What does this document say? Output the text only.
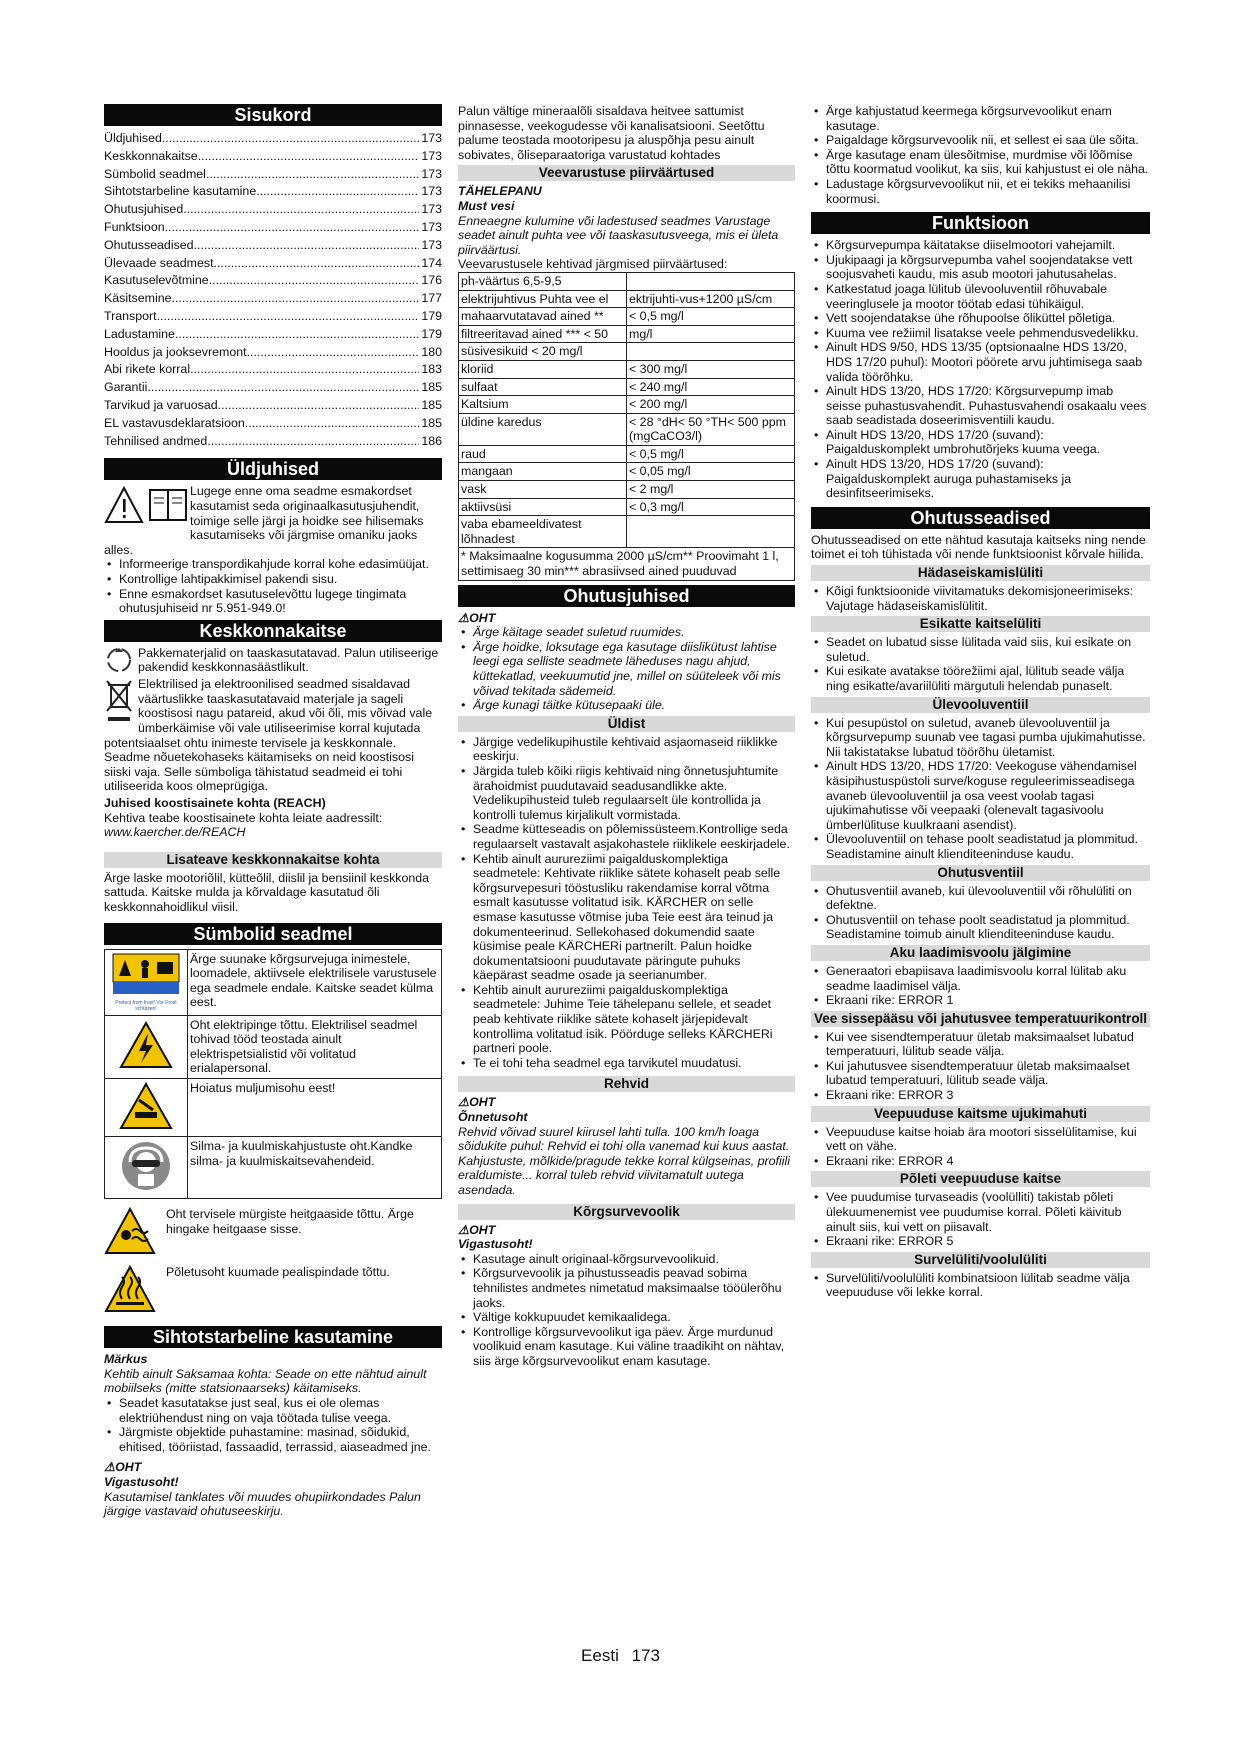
Sisukord
Üldjuhised .....	173
Keskkonnakaitse .....	173
Sümbolid seadmel .....	173
Sihtotstarbeline kasutamine .....	173
Ohutusjuhised .....	173
Funktsioon .....	173
Ohutusseadised .....	173
Ülevaade seadmest .....	174
Kasutuselevõtmine .....	176
Käsitsemine .....	177
Transport .....	179
Ladustamine .....	179
Hooldus ja jooksevremont .....	180
Abi rikete korral .....	183
Garantii .....	185
Tarvikud ja varuosad .....	185
EL vastavusdeklaratsioon .....	185
Tehnilised andmed .....	186
Üldjuhised

Lugege enne oma seadme esmakordset kasutamist seda originaalkasutusjuhendit, toimige selle järgi ja hoidke see hilisemaks kasutamiseks või järgmise omaniku jaoks alles.

• Informeerige transpordikahjude korral kohe edasimüüjat.
• Kontrollige lahtipakkimisel pakendi sisu.
• Enne esmakordset kasutuselevõttu lugege tingimata ohutusjuhiseid nr 5.951-949.0!
Keskkonnakaitse

Pakkematerjalid on taaskasutatavad. Palun utiliseerige pakendid keskkonnasäästlikult.

Elektrilised ja elektroonilised seadmed sisaldavad väärtuslikke taaskasutatavaid materjale ja sageli koostisosi nagu patareid, akud või õli, mis võivad vale ümberkäimise või vale utiliseerimise korral kujutada potentsiaalset ohtu inimeste tervisele ja keskkonnale. Seadme nõuetekohaseks käitamiseks on neid koostisosi siiski vaja. Selle sümboliga tähistatud seadmeid ei tohi utiliseerida koos olmeprügiga.

Juhised koostisainete kohta (REACH)

Kehtiva teabe koostisainete kohta leiate aadressilt:

www.kaercher.de/REACH

Lisateave keskkonnakaitse kohta

Ärge laske mootoriõlil, kütteõlil, diislil ja bensiinil keskkonda sattuda. Kaitske mulda ja kõrvaldage kasutatud õli keskkonnahoidlikul viisil.

Sümbolid seadmel
Protect from frost! Vor Frost schützen!	Ärge suunake kõrgsurvejuga inimestele, loomadele, aktiivsele elektrilisele varustusele ega seadmele endale. Kaitske seadet külma eest.
	Oht elektripinge tõttu. Elektrilisel seadmel tohivad tööd teostada ainult elektrispetsialistid või volitatud erialapersonal.
	Hoiatus muljumisohu eest!
	Silma- ja kuulmiskahjustuste oht.Kandke silma- ja kuulmiskaitsevahendeid.
Oht tervisele mürgiste heitgaaside tõttu. Ärge hingake heitgaase sisse.
Põletusoht kuumade pealispindade tõttu.
Sihtotstarbeline kasutamine

Märkus

Kehtib ainult Saksamaa kohta: Seade on ette nähtud ainult mobiilseks (mitte statsionaarseks) käitamiseks.

• Seadet kasutatakse just seal, kus ei ole olemas elektriühendust ning on vaja töötada tulise veega.
• Järgmiste objektide puhastamine: masinad, sõidukid, ehitised, tööriistad, fassaadid, terrassid, aiaseadmed jne.

⚠OHT

Vigastusoht!

Kasutamisel tanklates või muudes ohupiirkondades Palun järgige vastavaid ohutuseeskirju.

Palun vältige mineraalõli sisaldava heitvee sattumist pinnasesse, veekogudesse või kanalisatsiooni. Seetõttu palume teostada mootoripesu ja aluspõhja pesu ainult sobivates, õliseparaatoriga varustatud kohtades

Veevarustuse piirväärtused

TÄHELEPANU

Must vesi

Enneaegne kulumine või ladestused seadmes Varustage seadet ainult puhta vee või taaskasutusveega, mis ei ületa piirväärtusi.

Veevarustusele kehtivad järgmised piirväärtused:

ph-väärtus 6,5-9,5	
elektrijuhtivus Puhta vee el	ektrijuhti-vus+1200 µS/cm
mahaarvutatavad ained **	< 0,5 mg/l
filtreeritavad ained *** < 50	mg/l
süsivesikuid < 20 mg/l	
kloriid	< 300 mg/l
sulfaat	< 240 mg/l
Kaltsium	< 200 mg/l
üldine karedus	< 28 °dH< 50 °TH< 500 ppm (mgCaCO3/l)
raud	< 0,5 mg/l
mangaan	< 0,05 mg/l
vask	< 2 mg/l
aktiivsüsi	< 0,3 mg/l
vaba ebameeldivatest lõhnadest	
* Maksimaalne kogusumma 2000 µS/cm** Proovimaht 1 l, settimisaeg 30 min*** abrasiivsed ained puuduvad
Ohutusjuhised

⚠OHT

• Ärge käitage seadet suletud ruumides.
• Ärge hoidke, loksutage ega kasutage diislikütust lahtise leegi ega selliste seadmete läheduses nagu ahjud, küttekatlad, veekuumutid jne, millel on süüteleek või mis võivad tekitada sädemeid.
• Ärge kunagi täitke kütusepaaki üle.
Üldist
• Järgige vedelikupihustile kehtivaid asjaomaseid riiklikke eeskirju.
• Järgida tuleb kõiki riigis kehtivaid ning õnnetusjuhtumite ärahoidmist puudutavaid seadusandlikke akte. Vedelikupihusteid tuleb regulaarselt üle kontrollida ja kontrolli tulemus kirjalikult vormistada.
• Seadme kütteseadis on põlemissüsteem.Kontrollige seda regulaarselt vastavalt asjakohastele riiklikele eeskirjadele.
• Kehtib ainult aurureziimi paigalduskomplektiga seadmetele: Kehtivate riiklike sätete kohaselt peab selle kõrgsurvepesuri tööstusliku rakendamise korral võtma esmalt kasutusse volitatud isik. KÄRCHER on selle esmase kasutusse võtmise juba Teie eest ära teinud ja dokumenteerinud. Sellekohased dokumendid saate küsimise peale KÄRCHERi partnerilt. Palun hoidke dokumentatsiooni puudutavate päringute puhuks käepärast seadme osade ja seerianumber.
• Kehtib ainult aurureziimi paigalduskomplektiga seadmetele: Juhime Teie tähelepanu sellele, et seadet peab kehtivate riiklike sätete kohaselt järjepidevalt kontrollima volitatud isik. Pöörduge selleks KÄRCHERi partneri poole.
• Te ei tohi teha seadmel ega tarvikutel muudatusi.
Rehvid

⚠OHT

Õnnetusoht

Rehvid võivad suurel kiirusel lahti tulla. 100 km/h loaga sõidukite puhul: Rehvid ei tohi olla vanemad kui kuus aastat. Kahjustuste, mõlkide/pragude tekke korral külgseinas, profiili eraldumiste... korral tuleb rehvid viivitamatult uutega asendada.

Kõrgsurvevoolik

⚠OHT

Vigastusoht!

• Kasutage ainult originaal-kõrgsurvevoolikuid.
• Kõrgsurvevoolik ja pihustusseadis peavad sobima tehnilistes andmetes nimetatud maksimaalse tööülerõhu jaoks.
• Vältige kokkupuudet kemikaalidega.
• Kontrollige kõrgsurvevoolikut iga päev. Ärge murdunud voolikuid enam kasutage. Kui väline traadikiht on nähtav, siis ärge kõrgsurvevoolikut enam kasutage.
• Ärge kahjustatud keermega kõrgsurvevoolikut enam kasutage.
• Paigaldage kõrgsurvevoolik nii, et sellest ei saa üle sõita.
• Ärge kasutage enam ülesõitmise, murdmise või lõõmise tõttu koormatud voolikut, ka siis, kui kahjustust ei ole näha.
• Ladustage kõrgsurvevoolikut nii, et ei tekiks mehaanilisi koormusi.
Funktsioon
• Kõrgsurvepumpa käitatakse diiselmootori vahejamilt.
• Ujukipaagi ja kõrgsurvepumba vahel soojendatakse vett soojusvaheti kaudu, mis asub mootori jahutusahelas.
• Katkestatud joaga lülitub ülevooluventiil rõhuvabale veeringlusele ja mootor töötab edasi tühikäigul.
• Vett soojendatakse ühe rõhupoolse õliküttel põletiga.
• Kuuma vee režiimil lisatakse veele pehmendusvedelikku.
• Ainult HDS 9/50, HDS 13/35 (optsionaalne HDS 13/20, HDS 17/20 puhul): Mootori pöörete arvu juhtimisega saab valida töörõhku.
• Ainult HDS 13/20, HDS 17/20: Kõrgsurvepump imab seisse puhastusvahendit. Puhastusvahendi osakaalu vees saab seadistada doseerimisventiili kaudu.
• Ainult HDS 13/20, HDS 17/20 (suvand): Paigalduskomplekt umbrohutõrjeks kuuma veega.
• Ainult HDS 13/20, HDS 17/20 (suvand): Paigalduskomplekt auruga puhastamiseks ja desinfitseerimiseks.
Ohutusseadised

Ohutusseadised on ette nähtud kasutaja kaitseks ning nende toimet ei toh tühistada või nende funktsioonist kõrvale hiilida.

Hädaseiskamislüliti
• Kõigi funktsioonide viivitamatuks dekomisjoneerimiseks: Vajutage hädaseiskamislülitit.
Esikatte kaitselüliti
• Seadet on lubatud sisse lülitada vaid siis, kui esikate on suletud.
• Kui esikate avatakse töörežiimi ajal, lülitub seade välja ning esikatte/avariilüliti märgutuli helendab punaselt.
Ülevooluventiil
• Kui pesupüstol on suletud, avaneb ülevooluventiil ja kõrgsurvepump suunab vee tagasi pumba ujukimahutisse. Nii takistatakse lubatud töörõhu ületamist.
• Ainult HDS 13/20, HDS 17/20: Veekoguse vähendamisel käsipihustuspüstoli surve/koguse reguleerimisseadisega avaneb ülevooluventiil ja osa veest voolab tagasi ujukimahutisse või veepaaki (olenevalt tagasivoolu ümberlülituse kuulkraani asendist).
• Ülevooluventiil on tehase poolt seadistatud ja plommitud. Seadistamine ainult klienditeeninduse kaudu.
Ohutusventiil
• Ohutusventiil avaneb, kui ülevooluventiil või rõhulüliti on defektne.
• Ohutusventiil on tehase poolt seadistatud ja plommitud. Seadistamine toimub ainult klienditeeninduse kaudu.
Aku laadimisvoolu jälgimine
• Generaatori ebapiisava laadimisvoolu korral lülitab aku seadme laadimisel välja.
• Ekraani rike: ERROR 1
Vee sissepääsu või jahutusvee temperatuurikontroll
• Kui vee sisendtemperatuur ületab maksimaalset lubatud temperatuuri, lülitub seade välja.
• Kui jahutusvee sisendtemperatuur ületab maksimaalset lubatud temperatuuri, lülitub seade välja.
• Ekraani rike: ERROR 3
Veepuuduse kaitsme ujukimahuti
• Veepuuduse kaitse hoiab ära mootori sisselülitamise, kui vett on vähe.
• Ekraani rike: ERROR 4
Põleti veepuuduse kaitse
• Vee puudumise turvaseadis (voolülliti) takistab põleti ülekuumenemist vee puudumise korral. Põleti käivitub ainult siis, kui vett on piisavalt.
• Ekraani rike: ERROR 5
Survelüliti/voolulüliti
• Survelüliti/voolulüliti kombinatsioon lülitab seadme välja veepuuduse või lekke korral.
Eesti 173
